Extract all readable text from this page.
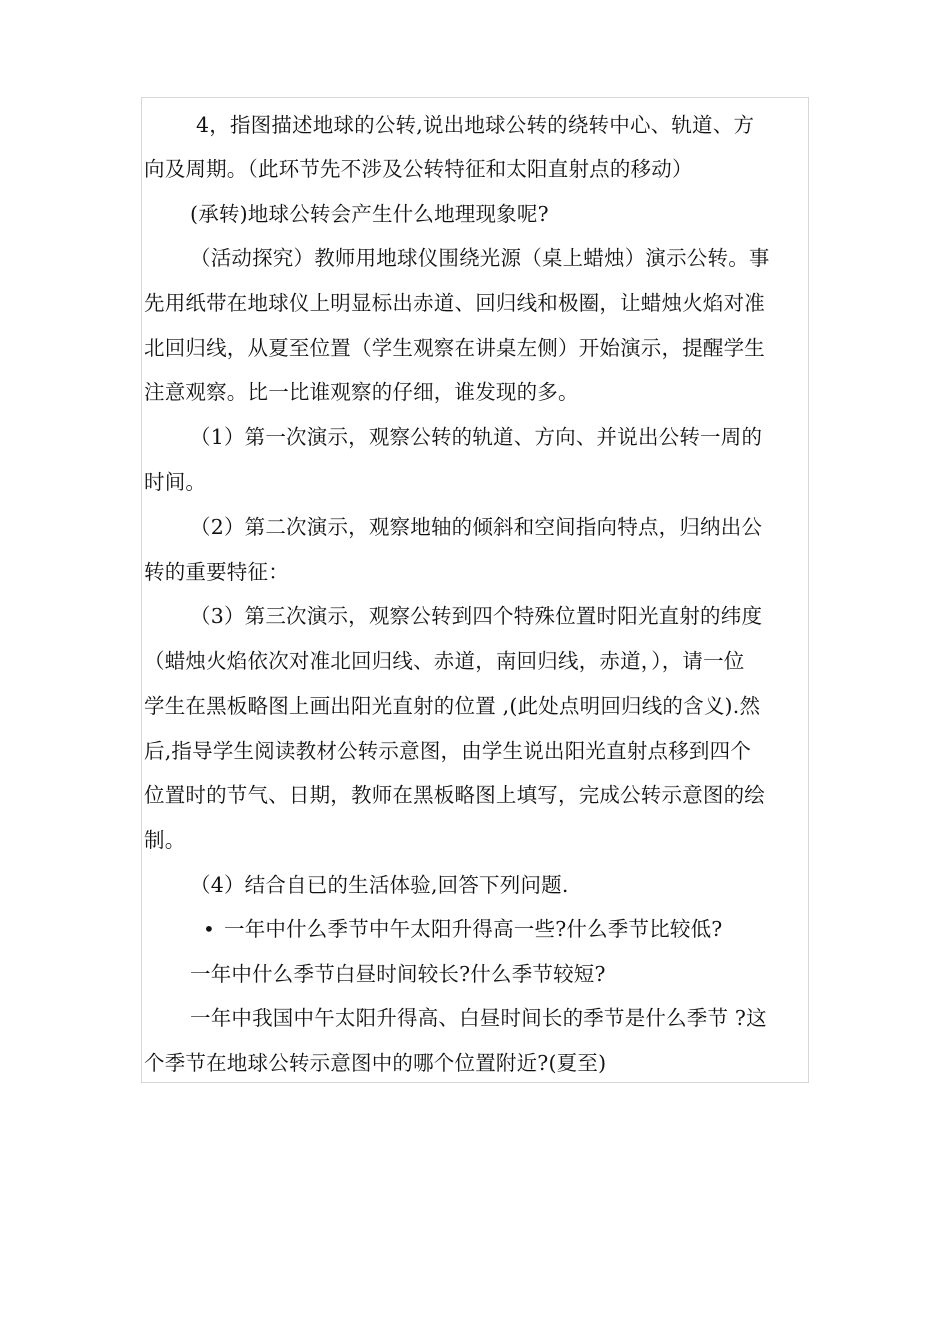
4，指图描述地球的公转,说出地球公转的绕转中心、轨道、方
向及周期。（此环节先不涉及公转特征和太阳直射点的移动）
(承转)地球公转会产生什么地理现象呢?
（活动探究）教师用地球仪围绕光源（桌上蜡烛）演示公转。事
先用纸带在地球仪上明显标出赤道、回归线和极圈，让蜡烛火焰对准
北回归线，从夏至位置（学生观察在讲桌左侧）开始演示，提醒学生
注意观察。比一比谁观察的仔细，谁发现的多。
（1）第一次演示，观察公转的轨道、方向、并说出公转一周的
时间。
（2）第二次演示，观察地轴的倾斜和空间指向特点，归纳出公
转的重要特征：
（3）第三次演示，观察公转到四个特殊位置时阳光直射的纬度
（蜡烛火焰依次对准北回归线、赤道，南回归线，赤道，），请一位
学生在黑板略图上画出阳光直射的位置 ,(此处点明回归线的含义).然
后,指导学生阅读教材公转示意图，由学生说出阳光直射点移到四个
位置时的节气、日期，教师在黑板略图上填写，完成公转示意图的绘
制。
（4）结合自已的生活体验,回答下列问题.
• 一年中什么季节中午太阳升得高一些?什么季节比较低?
一年中什么季节白昼时间较长?什么季节较短?
一年中我国中午太阳升得高、白昼时间长的季节是什么季节 ?这
个季节在地球公转示意图中的哪个位置附近?(夏至)
